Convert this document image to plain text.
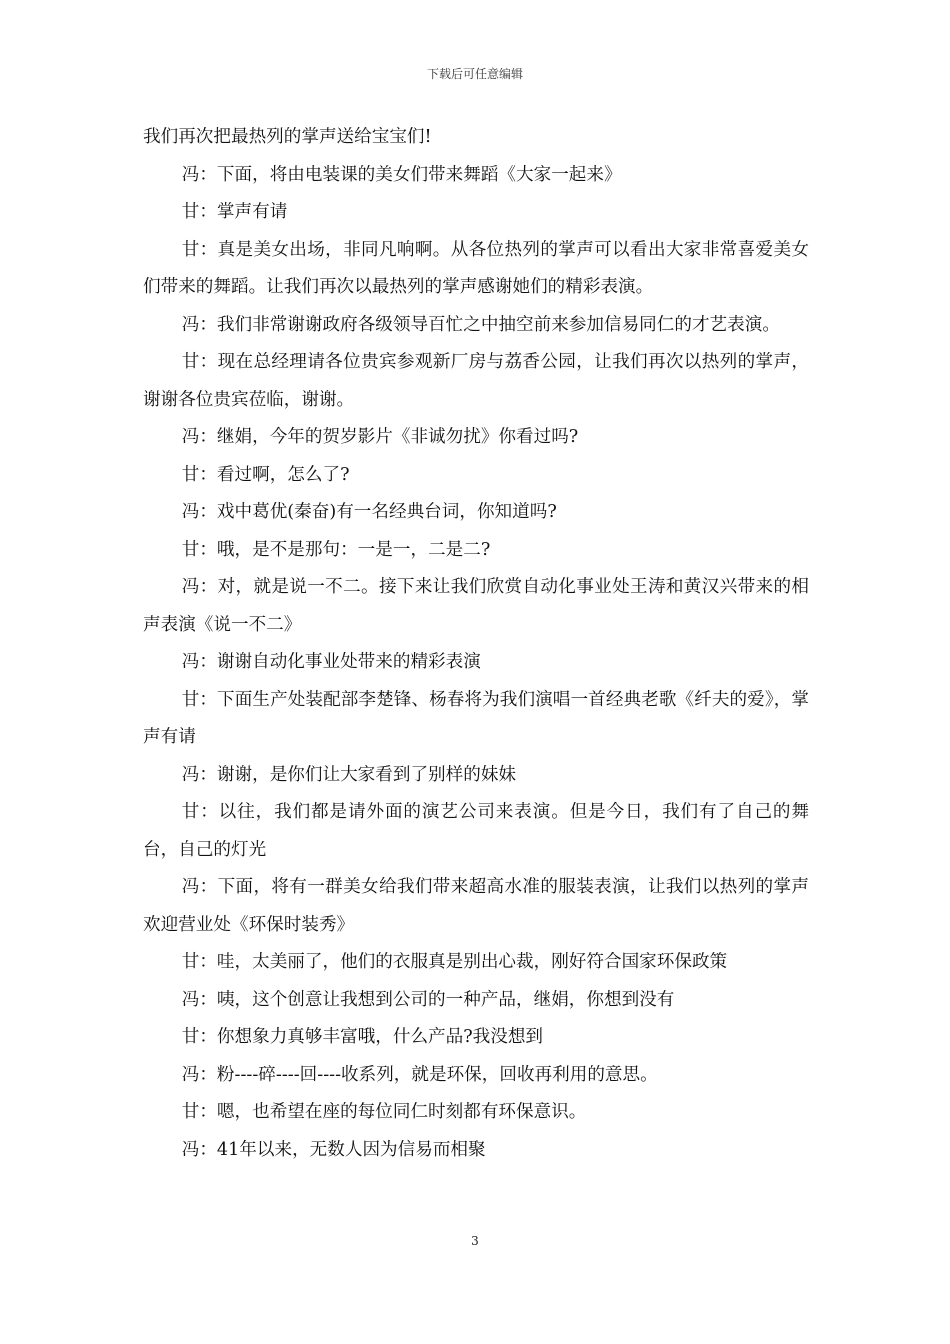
下载后可任意编辑

我们再次把最热列的掌声送给宝宝们!

冯：下面，将由电装课的美女们带来舞蹈《大家一起来》

甘：掌声有请

甘：真是美女出场，非同凡响啊。从各位热列的掌声可以看出大家非常喜爱美女们带来的舞蹈。让我们再次以最热列的掌声感谢她们的精彩表演。

冯：我们非常谢谢政府各级领导百忙之中抽空前来参加信易同仁的才艺表演。

甘：现在总经理请各位贵宾参观新厂房与荔香公园，让我们再次以热列的掌声，谢谢各位贵宾莅临，谢谢。

冯：继娟，今年的贺岁影片《非诚勿扰》你看过吗?

甘：看过啊，怎么了?

冯：戏中葛优(秦奋)有一名经典台词，你知道吗?

甘：哦，是不是那句：一是一，二是二?

冯：对，就是说一不二。接下来让我们欣赏自动化事业处王涛和黄汉兴带来的相声表演《说一不二》

冯：谢谢自动化事业处带来的精彩表演

甘：下面生产处装配部李楚锋、杨春将为我们演唱一首经典老歌《纤夫的爱》，掌声有请

冯：谢谢，是你们让大家看到了别样的妹妹

甘：以往，我们都是请外面的演艺公司来表演。但是今日，我们有了自己的舞台，自己的灯光

冯：下面，将有一群美女给我们带来超高水准的服装表演，让我们以热列的掌声欢迎营业处《环保时装秀》

甘：哇，太美丽了，他们的衣服真是别出心裁，刚好符合国家环保政策

冯：咦，这个创意让我想到公司的一种产品，继娟，你想到没有

甘：你想象力真够丰富哦，什么产品?我没想到

冯：粉----碎----回----收系列，就是环保，回收再利用的意思。

甘：嗯，也希望在座的每位同仁时刻都有环保意识。

冯：41年以来，无数人因为信易而相聚

3
